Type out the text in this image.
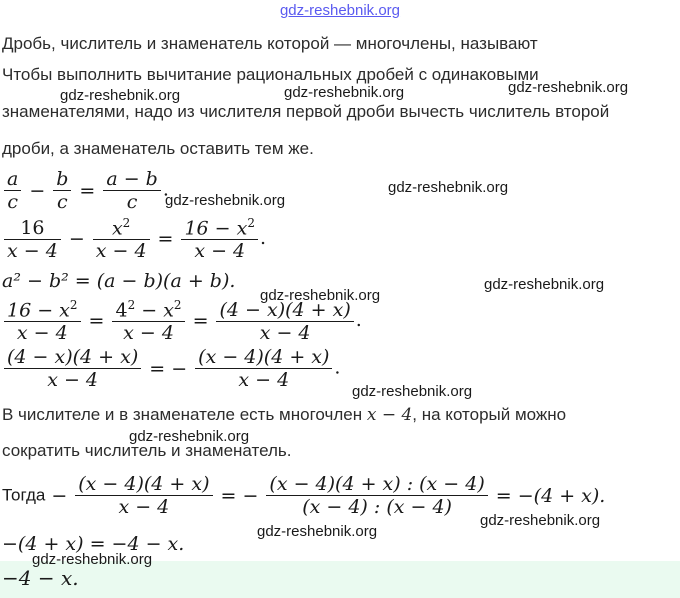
gdz-reshebnik.org
Дробь, числитель и знаменатель которой — многочлены, называют
Чтобы выполнить вычитание рациональных дробей с одинаковыми
знаменателями, надо из числителя первой дроби вычесть числитель второй
дроби, а знаменатель оставить тем же.
$\frac{a}{c} - \frac{b}{c} = \frac{a - b}{c}$ .
$\frac{16}{x - 4} - \frac{x^2}{x - 4} = \frac{16 - x^2}{x - 4}$ .
a² − b² = (a − b)(a + b).
$\frac{16 - x^2}{x - 4} = \frac{4^2 - x^2}{x - 4} = \frac{(4 - x)(4 + x)}{x - 4}$ .
$\frac{(4 - x)(4 + x)}{x - 4}$ = − $\frac{(x - 4)(4 + x)}{x - 4}$ .
В числителе и в знаменателе есть многочлен x − 4, на который можно
сократить числитель и знаменатель.
Тогда − $\frac{(x - 4)(4 + x)}{x - 4}$ = − $\frac{(x - 4)(4 + x) : (x - 4)}{(x - 4) : (x - 4)} = -(4 + x)$.
−(4 + x) = −4 − x.
−4 − x.
gdz-reshebnik.org	gdz-reshebnik.org	gdz-reshebnik.org
gdz-reshebnik.org
gdz-reshebnik.org
gdz-reshebnik.org
gdz-reshebnik.org
gdz-reshebnik.org
gdz-reshebnik.org
gdz-reshebnik.org
gdz-reshebnik.org
gdz-reshebnik.org
